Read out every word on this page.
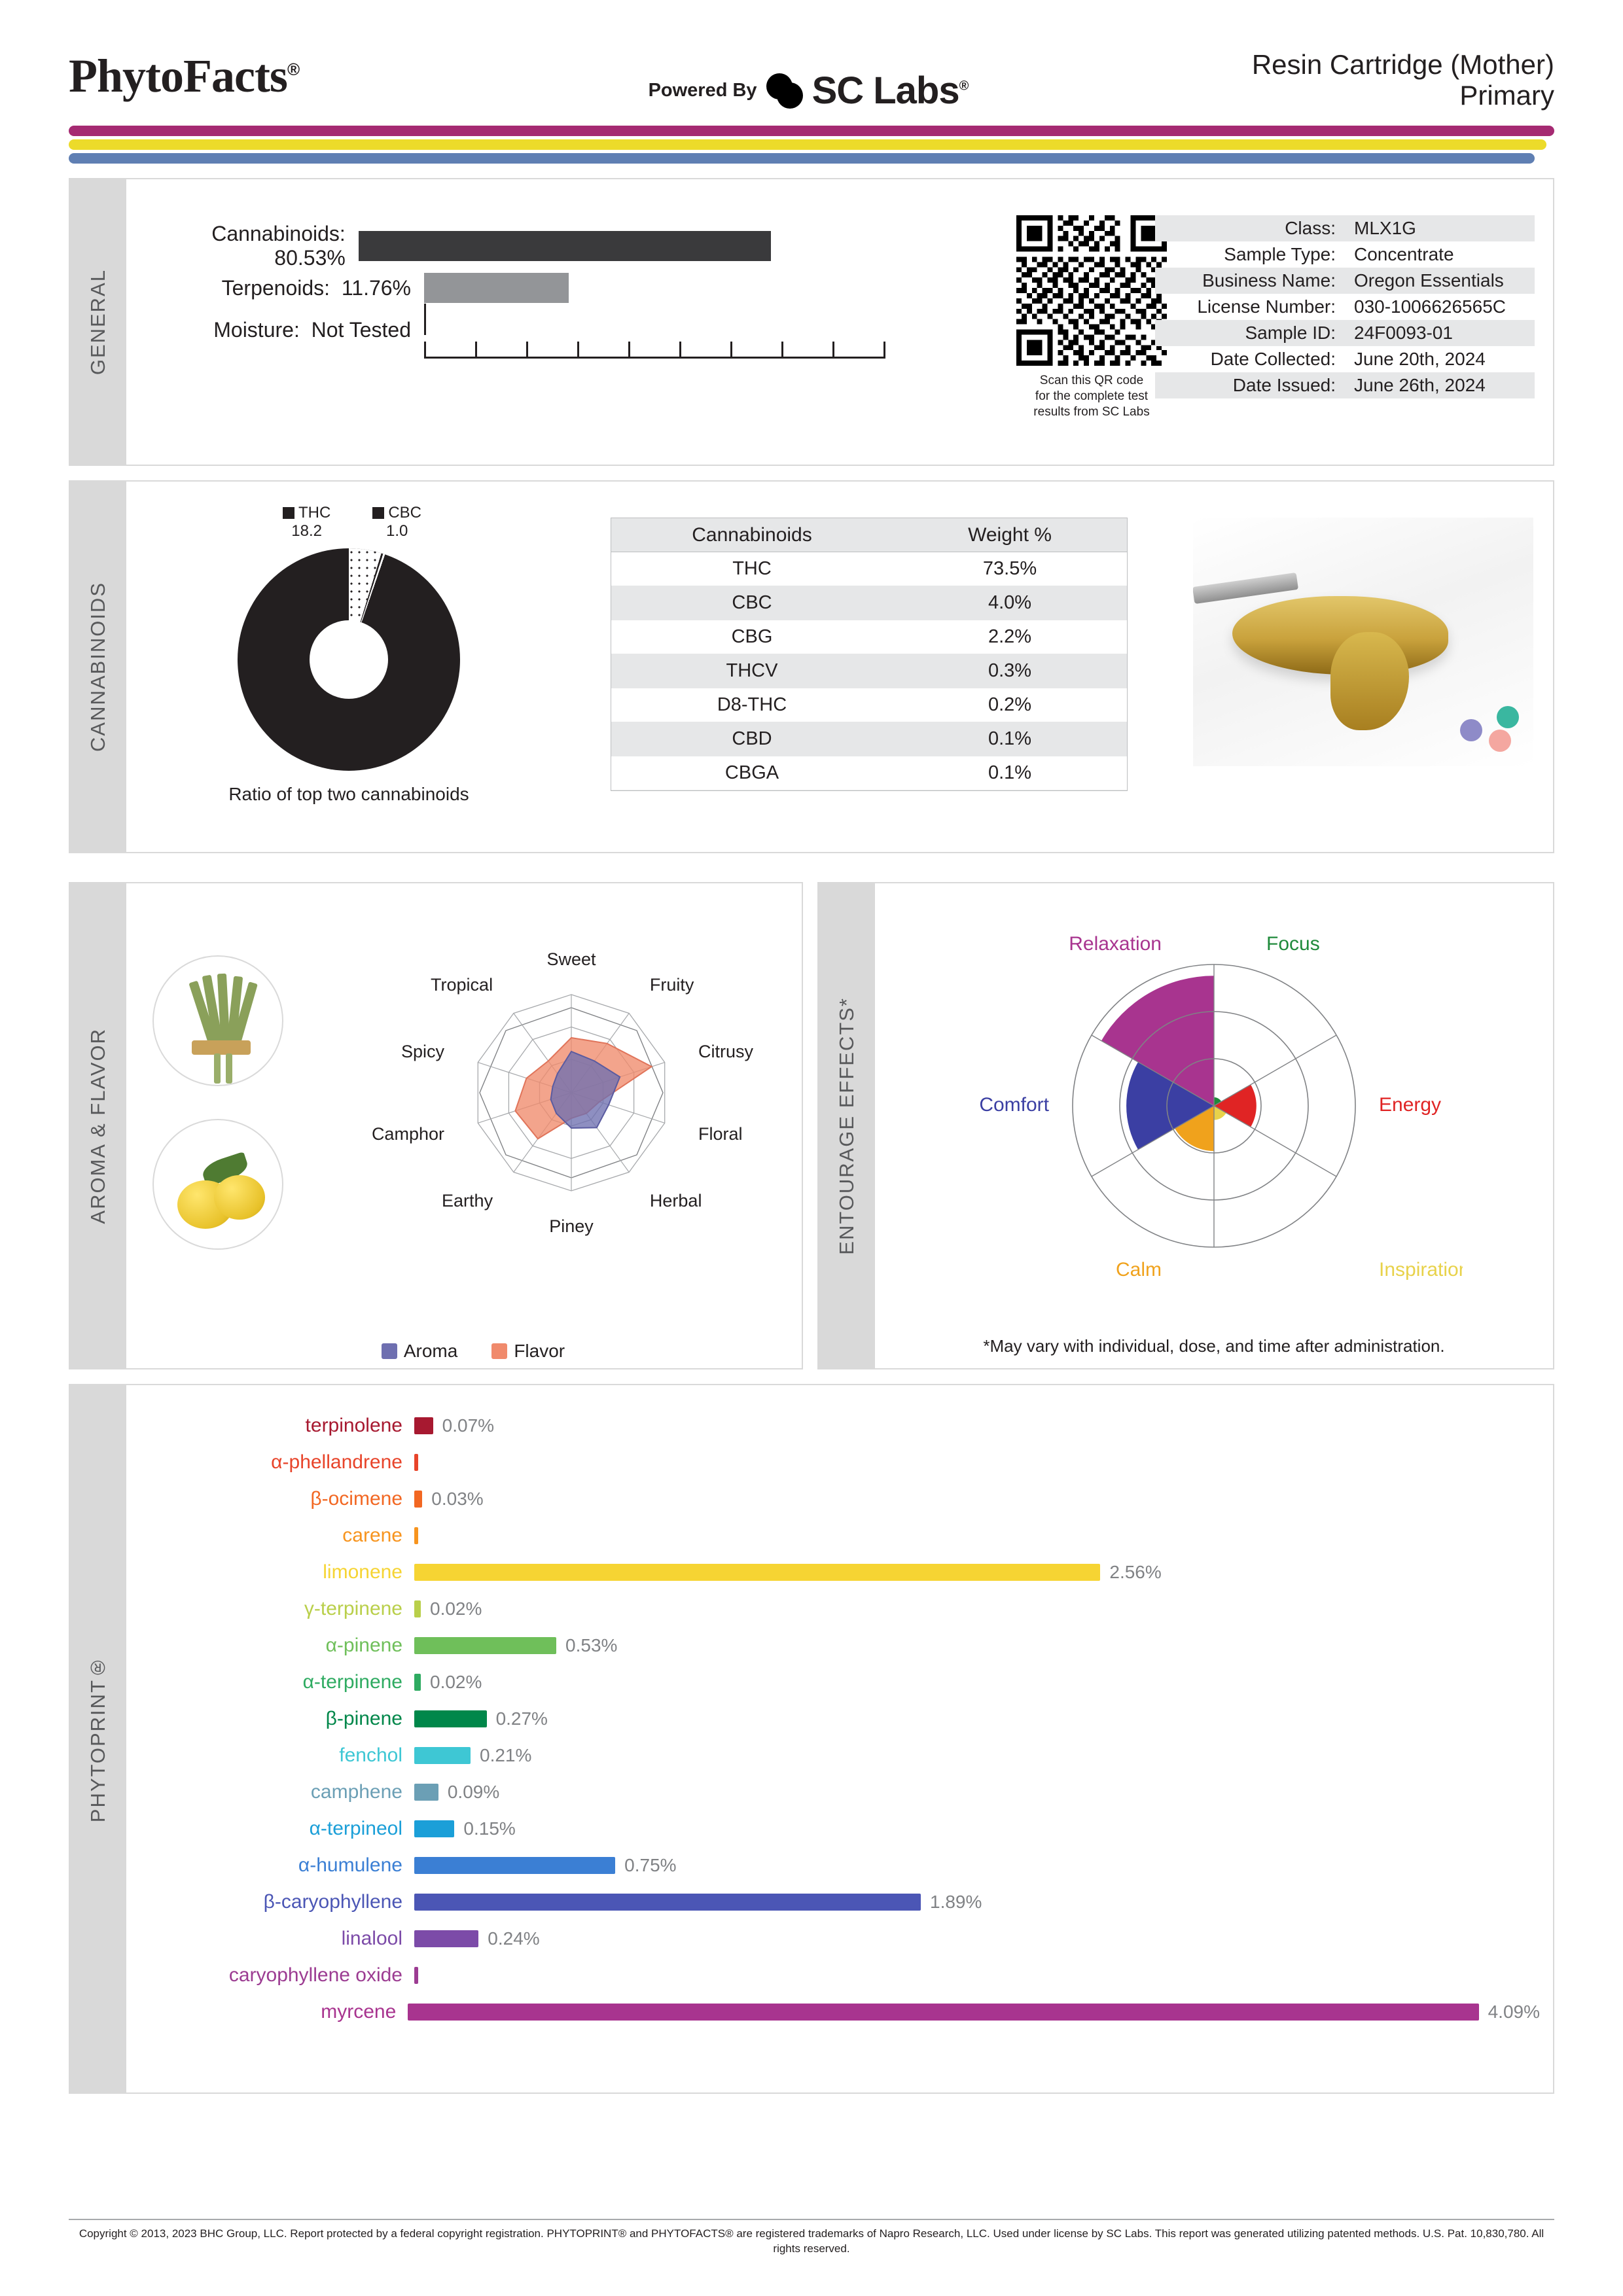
PhytoFacts®
Powered By SC Labs®
Resin Cartridge (Mother)
Primary
GENERAL
Cannabinoids:  80.53%
Terpenoids: 11.76%
Moisture: Not Tested
Scan this QR code
for the complete test
results from SC Labs
Class:	MLX1G
Sample Type:	Concentrate
Business Name:	Oregon Essentials
License Number:	030-1006626565C
Sample ID:	24F0093-01
Date Collected:	June 20th, 2024
Date Issued:	June 26th, 2024
CANNABINOIDS
THC
18.2
CBC
1.0
Ratio of top two cannabinoids
Cannabinoids	Weight %
THC	73.5%
CBC	4.0%
CBG	2.2%
THCV	0.3%
D8-THC	0.2%
CBD	0.1%
CBGA	0.1%
AROMA & FLAVOR
Sweet
Fruity
Citrusy
Floral
Herbal
Piney
Earthy
Camphor
Spicy
Tropical
Aroma	Flavor
ENTOURAGE EFFECTS*
Focus
Energy
Inspiration
Calm
Comfort
Relaxation
*May vary with individual, dose, and time after administration.
PHYTOPRINT®
terpinolene	0.07%
α-phellandrene
β-ocimene	0.03%
carene
limonene	2.56%
γ-terpinene	0.02%
α-pinene	0.53%
α-terpinene	0.02%
β-pinene	0.27%
fenchol	0.21%
camphene	0.09%
α-terpineol	0.15%
α-humulene	0.75%
β-caryophyllene	1.89%
linalool	0.24%
caryophyllene oxide
myrcene	4.09%
Copyright © 2013, 2023 BHC Group, LLC. Report protected by a federal copyright registration. PHYTOPRINT® and PHYTOFACTS® are registered trademarks of Napro Research, LLC. Used under license by SC Labs. This report was generated utilizing patented methods. U.S. Pat. 10,830,780. All rights reserved.
